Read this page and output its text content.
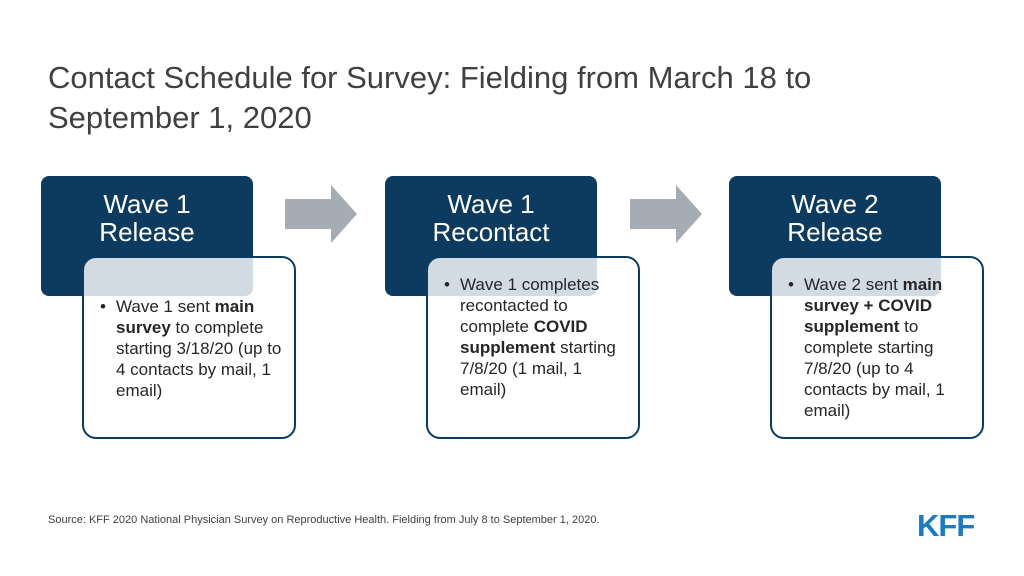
Contact Schedule for Survey: Fielding from March 18 to September 1, 2020
Wave 1
Release
• Wave 1 sent main survey to complete starting 3/18/20 (up to 4 contacts by mail, 1 email)
Wave 1
Recontact
• Wave 1 completes recontacted to complete COVID supplement starting 7/8/20 (1 mail, 1 email)
Wave 2
Release
• Wave 2 sent main survey + COVID supplement to complete starting 7/8/20 (up to 4 contacts by mail, 1 email)
Source: KFF 2020 National Physician Survey on Reproductive Health. Fielding from July 8 to September 1, 2020.	KFF
